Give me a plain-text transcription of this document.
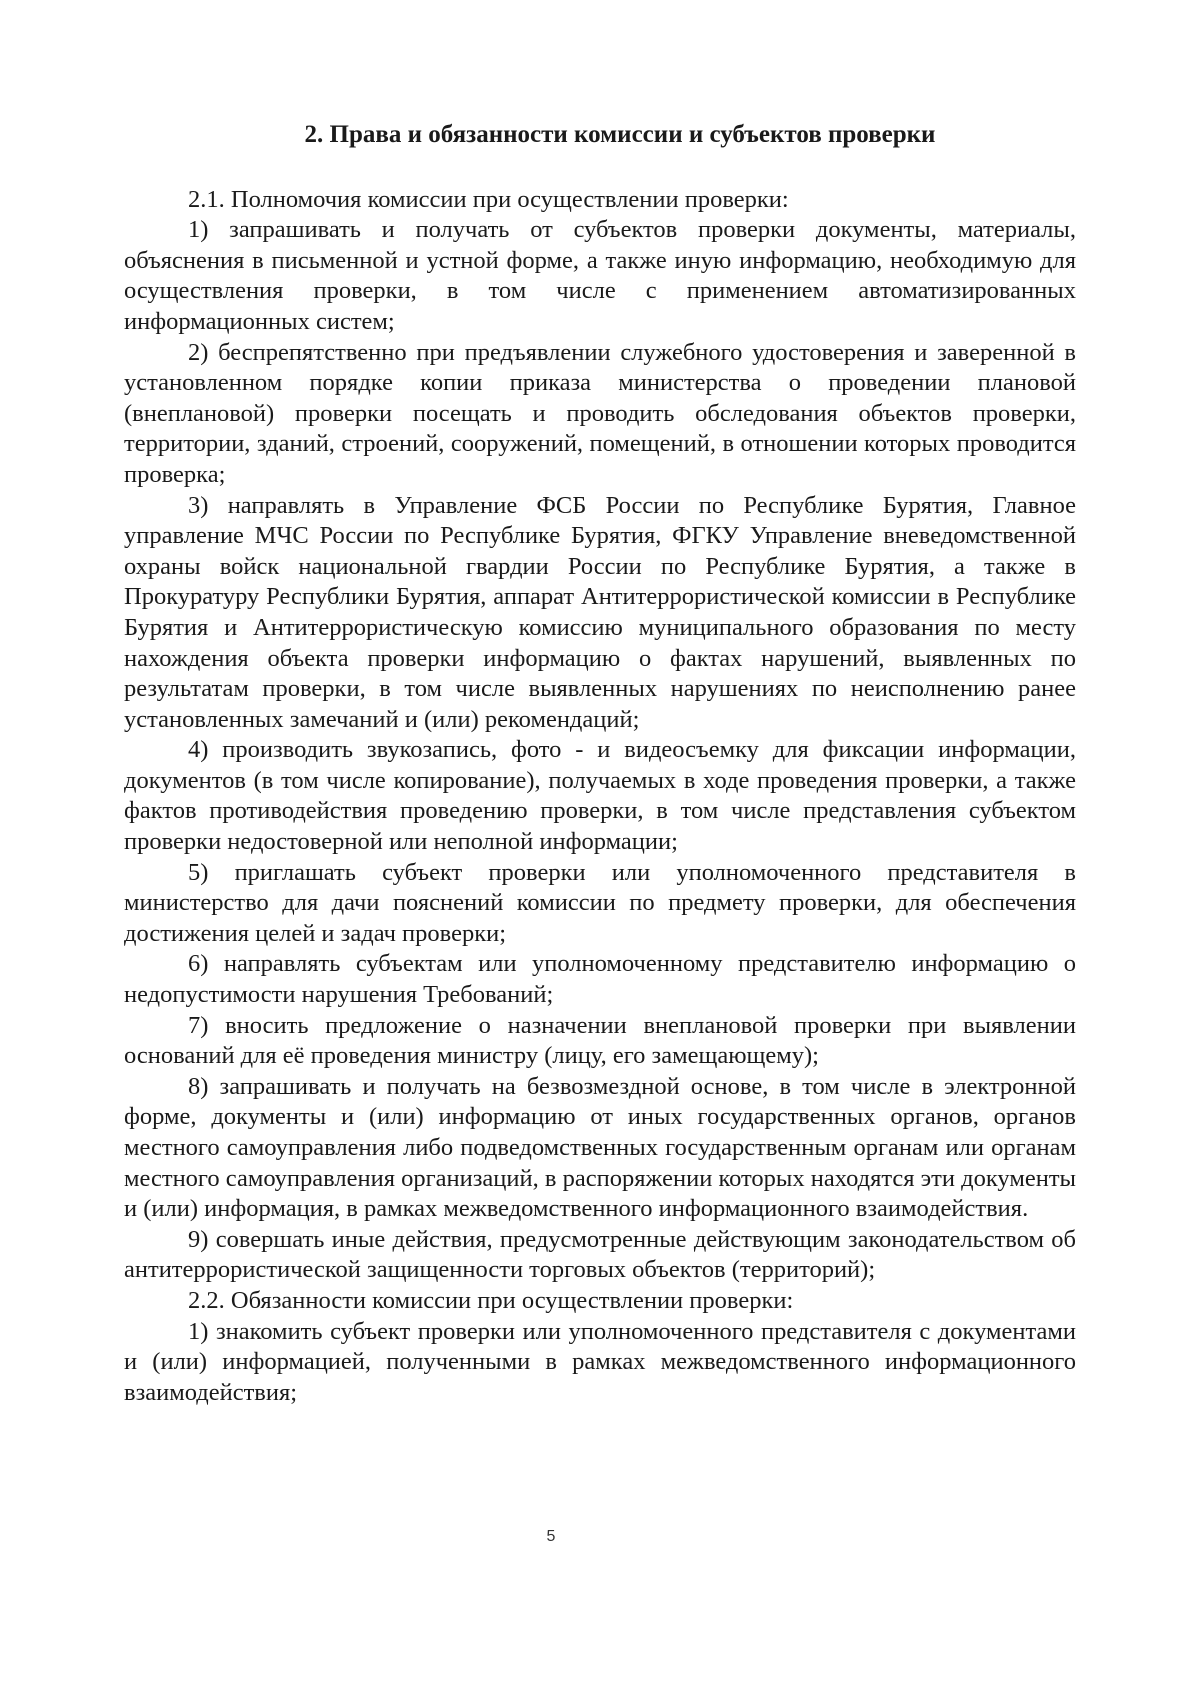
2. Права и обязанности комиссии и субъектов проверки

2.1. Полномочия комиссии при осуществлении проверки:

1) запрашивать и получать от субъектов проверки документы, материалы, объяснения в письменной и устной форме, а также иную информацию, необходимую для осуществления проверки, в том числе с применением автоматизированных информационных систем;

2) беспрепятственно при предъявлении служебного удостоверения и заверенной в установленном порядке копии приказа министерства о проведении плановой (внеплановой) проверки посещать и проводить обследования объектов проверки, территории, зданий, строений, сооружений, помещений, в отношении которых проводится проверка;

3) направлять в Управление ФСБ России по Республике Бурятия, Главное управление МЧС России по Республике Бурятия, ФГКУ Управление вневедомственной охраны войск национальной гвардии России по Республике Бурятия, а также в Прокуратуру Республики Бурятия, аппарат Антитеррористической комиссии в Республике Бурятия и Антитеррористическую комиссию муниципального образования по месту нахождения объекта проверки информацию о фактах нарушений, выявленных по результатам проверки, в том числе выявленных нарушениях по неисполнению ранее установленных замечаний и (или) рекомендаций;

4) производить звукозапись, фото - и видеосъемку для фиксации информации, документов (в том числе копирование), получаемых в ходе проведения проверки, а также фактов противодействия проведению проверки, в том числе представления субъектом проверки недостоверной или неполной информации;

5) приглашать субъект проверки или уполномоченного представителя в министерство для дачи пояснений комиссии по предмету проверки, для обеспечения достижения целей и задач проверки;

6) направлять субъектам или уполномоченному представителю информацию о недопустимости нарушения Требований;

7) вносить предложение о назначении внеплановой проверки при выявлении оснований для её проведения министру (лицу, его замещающему);

8) запрашивать и получать на безвозмездной основе, в том числе в электронной форме, документы и (или) информацию от иных государственных органов, органов местного самоуправления либо подведомственных государственным органам или органам местного самоуправления организаций, в распоряжении которых находятся эти документы и (или) информация, в рамках межведомственного информационного взаимодействия.

9) совершать иные действия, предусмотренные действующим законодательством об антитеррористической защищенности торговых объектов (территорий);

2.2. Обязанности комиссии при осуществлении проверки:

1) знакомить субъект проверки или уполномоченного представителя с документами и (или) информацией, полученными в рамках межведомственного информационного взаимодействия;

5
